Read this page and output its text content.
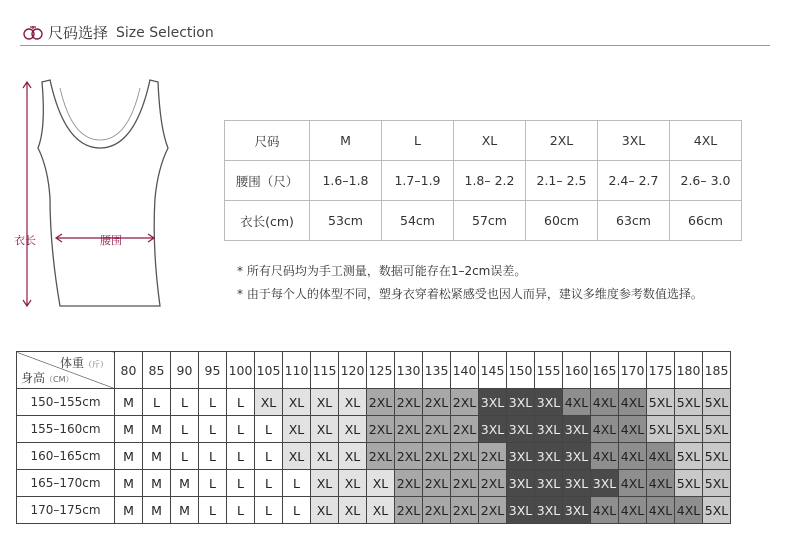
尺码选择 Size Selection
衣长	腰围
尺码	M	L	XL	2XL	3XL	4XL
腰围（尺）	1.6–1.8	1.7–1.9	1.8– 2.2	2.1– 2.5	2.4– 2.7	2.6– 3.0
衣长(cm)	53cm	54cm	57cm	60cm	63cm	66cm
* 所有尺码均为手工测量，数据可能存在1–2cm误差。
* 由于每个人的体型不同，塑身衣穿着松紧感受也因人而异，建议多维度参考数值选择。
体重（斤）
身高（CM）	80	85	90	95	100	105	110	115	120	125	130	135	140	145	150	155	160	165	170	175	180	185
150–155cm	M	L	L	L	L	XL	XL	XL	XL	2XL	2XL	2XL	2XL	3XL	3XL	3XL	4XL	4XL	4XL	5XL	5XL	5XL
155–160cm	M	M	L	L	L	L	XL	XL	XL	2XL	2XL	2XL	2XL	3XL	3XL	3XL	3XL	4XL	4XL	5XL	5XL	5XL
160–165cm	M	M	L	L	L	L	XL	XL	XL	2XL	2XL	2XL	2XL	2XL	3XL	3XL	3XL	4XL	4XL	4XL	5XL	5XL
165–170cm	M	M	M	L	L	L	L	XL	XL	XL	2XL	2XL	2XL	2XL	3XL	3XL	3XL	3XL	4XL	4XL	5XL	5XL
170–175cm	M	M	M	L	L	L	L	XL	XL	XL	2XL	2XL	2XL	2XL	3XL	3XL	3XL	4XL	4XL	4XL	4XL	5XL
